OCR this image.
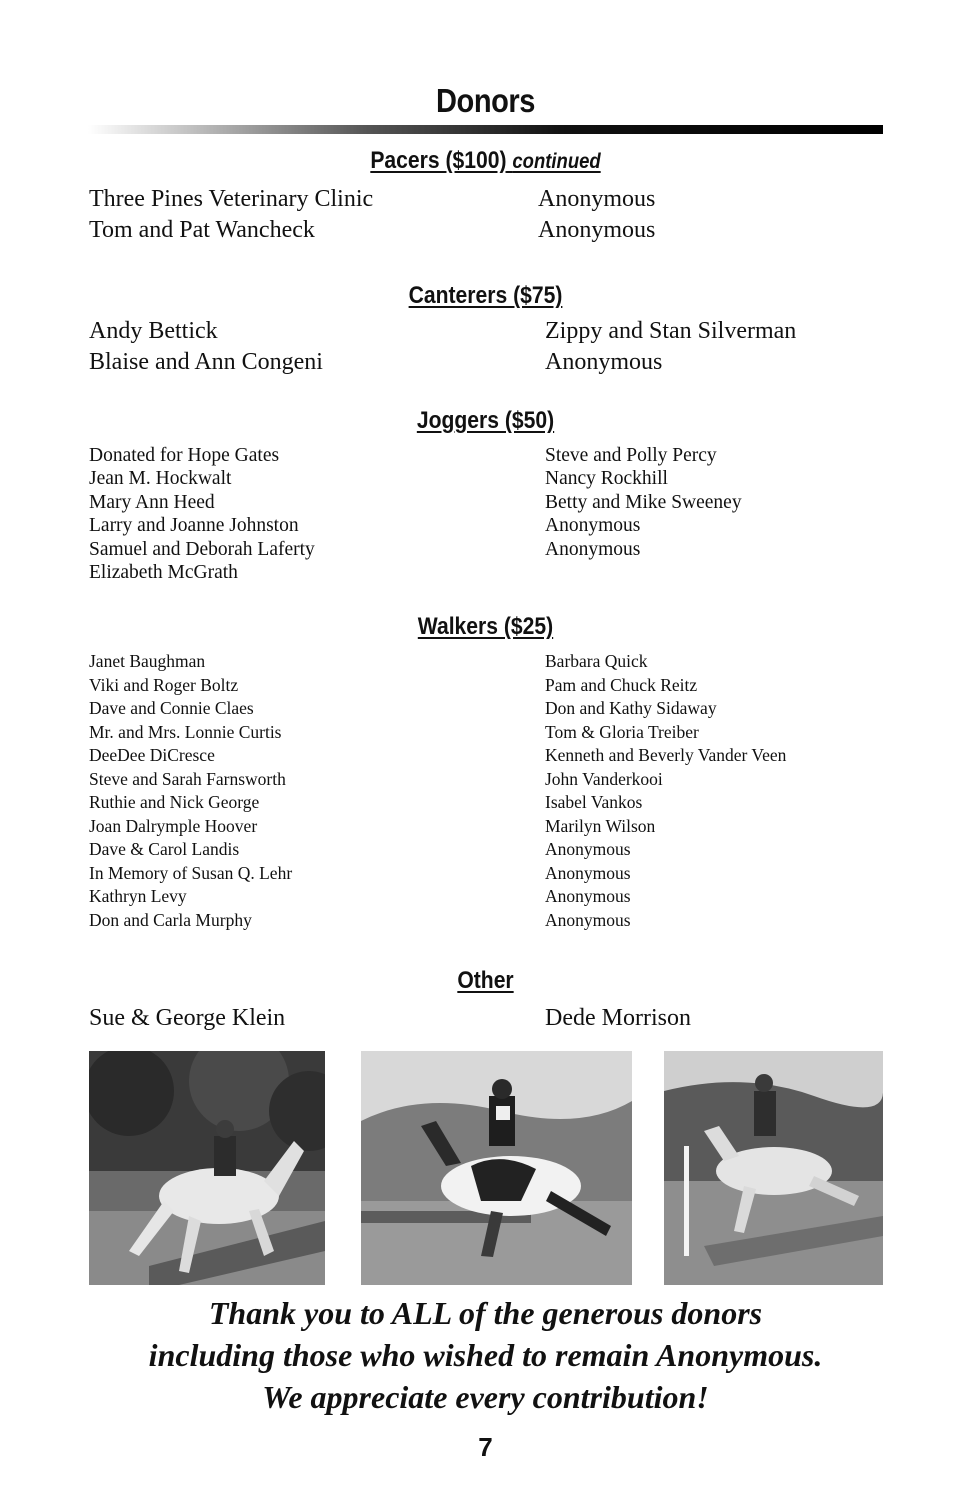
Donors
Pacers ($100) continued
Three Pines Veterinary Clinic
Tom and Pat Wancheck
Anonymous
Anonymous
Canterers ($75)
Andy Bettick
Blaise and Ann Congeni
Zippy and Stan Silverman
Anonymous
Joggers ($50)
Donated for Hope Gates
Jean M. Hockwalt
Mary Ann Heed
Larry and Joanne Johnston
Samuel and Deborah Laferty
Elizabeth McGrath
Steve and Polly Percy
Nancy Rockhill
Betty and Mike Sweeney
Anonymous
Anonymous
Walkers ($25)
Janet Baughman
Viki and Roger Boltz
Dave and Connie Claes
Mr. and Mrs. Lonnie Curtis
DeeDee DiCresce
Steve and Sarah Farnsworth
Ruthie and Nick George
Joan Dalrymple Hoover
Dave & Carol Landis
In Memory of Susan Q. Lehr
Kathryn Levy
Don and Carla Murphy
Barbara Quick
Pam and Chuck Reitz
Don and Kathy Sidaway
Tom & Gloria Treiber
Kenneth and Beverly Vander Veen
John Vanderkooi
Isabel Vankos
Marilyn Wilson
Anonymous
Anonymous
Anonymous
Anonymous
Other
Sue & George Klein	Dede Morrison
Thank you to ALL of the generous donors
including those who wished to remain Anonymous.
We appreciate every contribution!
7
